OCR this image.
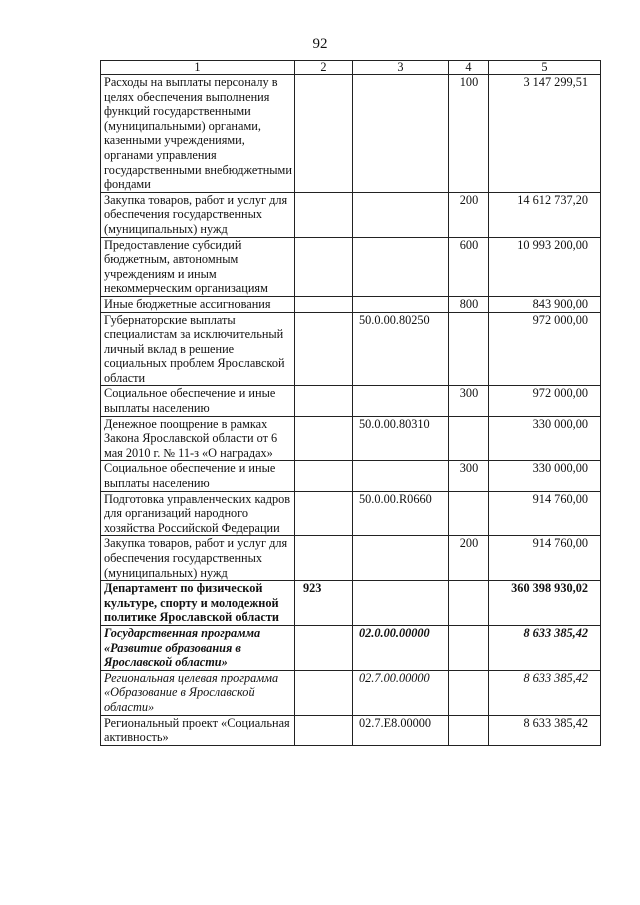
92
1	2	3	4	5
Расходы на выплаты персоналу в целях обеспечения выполнения функций государственными (муниципальными) органами, казенными учреждениями, органами управления государственными внебюджетными фондами			100	3 147 299,51
Закупка товаров, работ и услуг для обеспечения государственных (муниципальных) нужд			200	14 612 737,20
Предоставление субсидий бюджетным, автономным учреждениям и иным некоммерческим организациям			600	10 993 200,00
Иные бюджетные ассигнования			800	843 900,00
Губернаторские выплаты специалистам за исключительный личный вклад в решение социальных проблем Ярославской области		50.0.00.80250		972 000,00
Социальное обеспечение и иные выплаты населению			300	972 000,00
Денежное поощрение в рамках Закона Ярославской области от 6 мая 2010 г. № 11-з «О наградах»		50.0.00.80310		330 000,00
Социальное обеспечение и иные выплаты населению			300	330 000,00
Подготовка управленческих кадров для организаций народного хозяйства Российской Федерации		50.0.00.R0660		914 760,00
Закупка товаров, работ и услуг для обеспечения государственных (муниципальных) нужд			200	914 760,00
Департамент по физической культуре, спорту и молодежной политике Ярославской области	923			360 398 930,02
Государственная программа «Развитие образования в Ярославской области»		02.0.00.00000		8 633 385,42
Региональная целевая программа «Образование в Ярославской области»		02.7.00.00000		8 633 385,42
Региональный проект «Социальная активность»		02.7.E8.00000		8 633 385,42
